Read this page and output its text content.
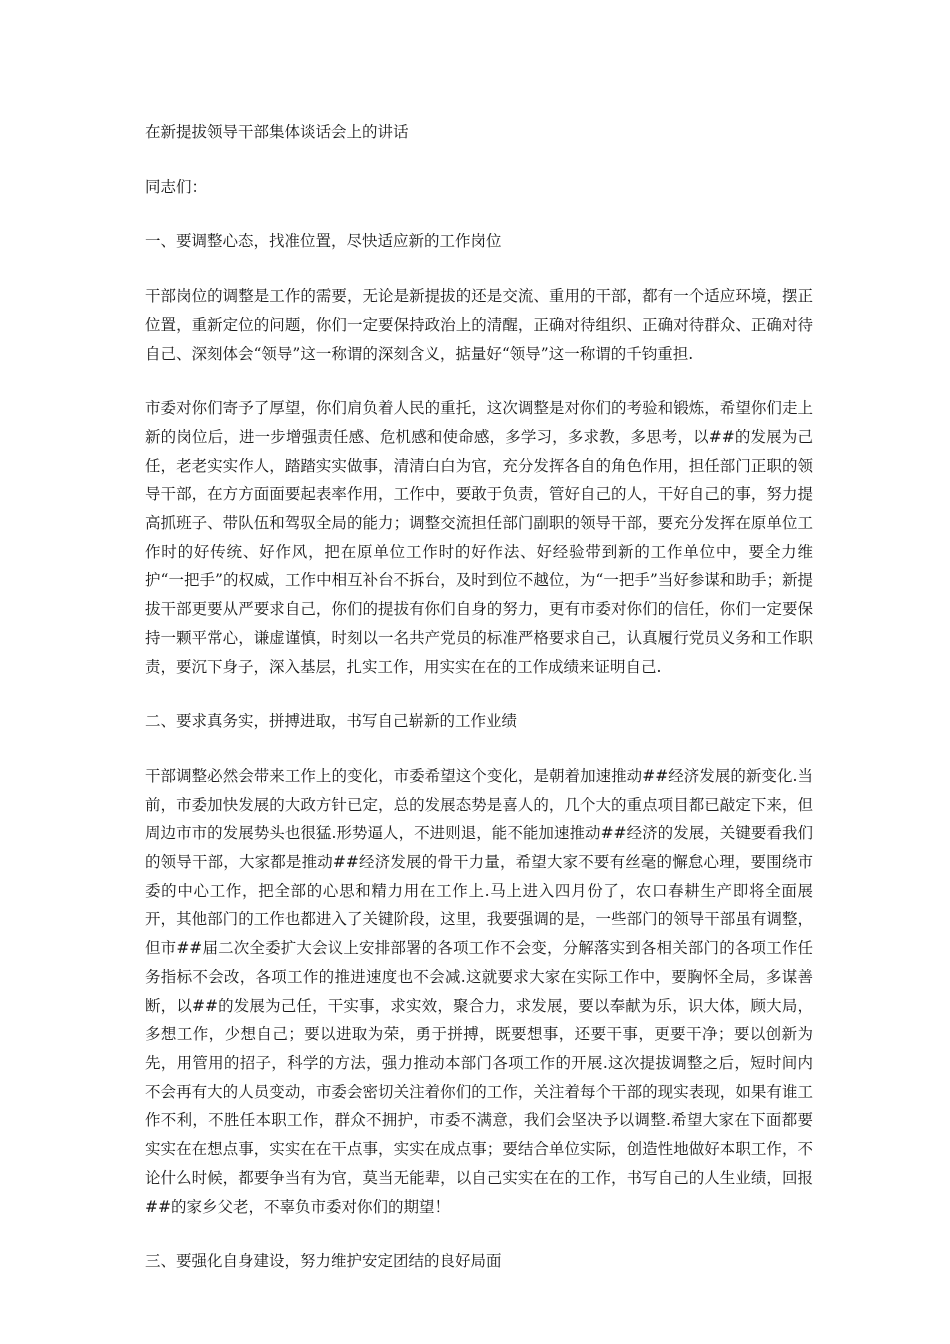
在新提拔领导干部集体谈话会上的讲话

同志们：

一、要调整心态，找准位置，尽快适应新的工作岗位

干部岗位的调整是工作的需要，无论是新提拔的还是交流、重用的干部，都有一个适应环境，摆正位置，重新定位的问题，你们一定要保持政治上的清醒，正确对待组织、正确对待群众、正确对待自己、深刻体会“领导”这一称谓的深刻含义，掂量好“领导”这一称谓的千钧重担.

市委对你们寄予了厚望，你们肩负着人民的重托，这次调整是对你们的考验和锻炼，希望你们走上新的岗位后，进一步增强责任感、危机感和使命感，多学习，多求教，多思考，以##的发展为己任，老老实实作人，踏踏实实做事，清清白白为官，充分发挥各自的角色作用，担任部门正职的领导干部，在方方面面要起表率作用，工作中，要敢于负责，管好自己的人，干好自己的事，努力提高抓班子、带队伍和驾驭全局的能力；调整交流担任部门副职的领导干部，要充分发挥在原单位工作时的好传统、好作风，把在原单位工作时的好作法、好经验带到新的工作单位中，要全力维护“一把手”的权威，工作中相互补台不拆台，及时到位不越位，为“一把手”当好参谋和助手；新提拔干部更要从严要求自己，你们的提拔有你们自身的努力，更有市委对你们的信任，你们一定要保持一颗平常心，谦虚谨慎，时刻以一名共产党员的标准严格要求自己，认真履行党员义务和工作职责，要沉下身子，深入基层，扎实工作，用实实在在的工作成绩来证明自己.

二、要求真务实，拼搏进取，书写自己崭新的工作业绩

干部调整必然会带来工作上的变化，市委希望这个变化，是朝着加速推动##经济发展的新变化.当前，市委加快发展的大政方针已定，总的发展态势是喜人的，几个大的重点项目都已敲定下来，但周边市市的发展势头也很猛.形势逼人，不进则退，能不能加速推动##经济的发展，关键要看我们的领导干部，大家都是推动##经济发展的骨干力量，希望大家不要有丝毫的懈怠心理，要围绕市委的中心工作，把全部的心思和精力用在工作上.马上进入四月份了，农口春耕生产即将全面展开，其他部门的工作也都进入了关键阶段，这里，我要强调的是，一些部门的领导干部虽有调整，但市##届二次全委扩大会议上安排部署的各项工作不会变，分解落实到各相关部门的各项工作任务指标不会改，各项工作的推进速度也不会减.这就要求大家在实际工作中，要胸怀全局，多谋善断，以##的发展为己任，干实事，求实效，聚合力，求发展，要以奉献为乐，识大体，顾大局，多想工作，少想自己；要以进取为荣，勇于拼搏，既要想事，还要干事，更要干净；要以创新为先，用管用的招子，科学的方法，强力推动本部门各项工作的开展.这次提拔调整之后，短时间内不会再有大的人员变动，市委会密切关注着你们的工作，关注着每个干部的现实表现，如果有谁工作不利，不胜任本职工作，群众不拥护，市委不满意，我们会坚决予以调整.希望大家在下面都要实实在在想点事，实实在在干点事，实实在成点事；要结合单位实际，创造性地做好本职工作，不论什么时候，都要争当有为官，莫当无能辈，以自己实实在在的工作，书写自己的人生业绩，回报##的家乡父老，不辜负市委对你们的期望！

三、要强化自身建设，努力维护安定团结的良好局面
